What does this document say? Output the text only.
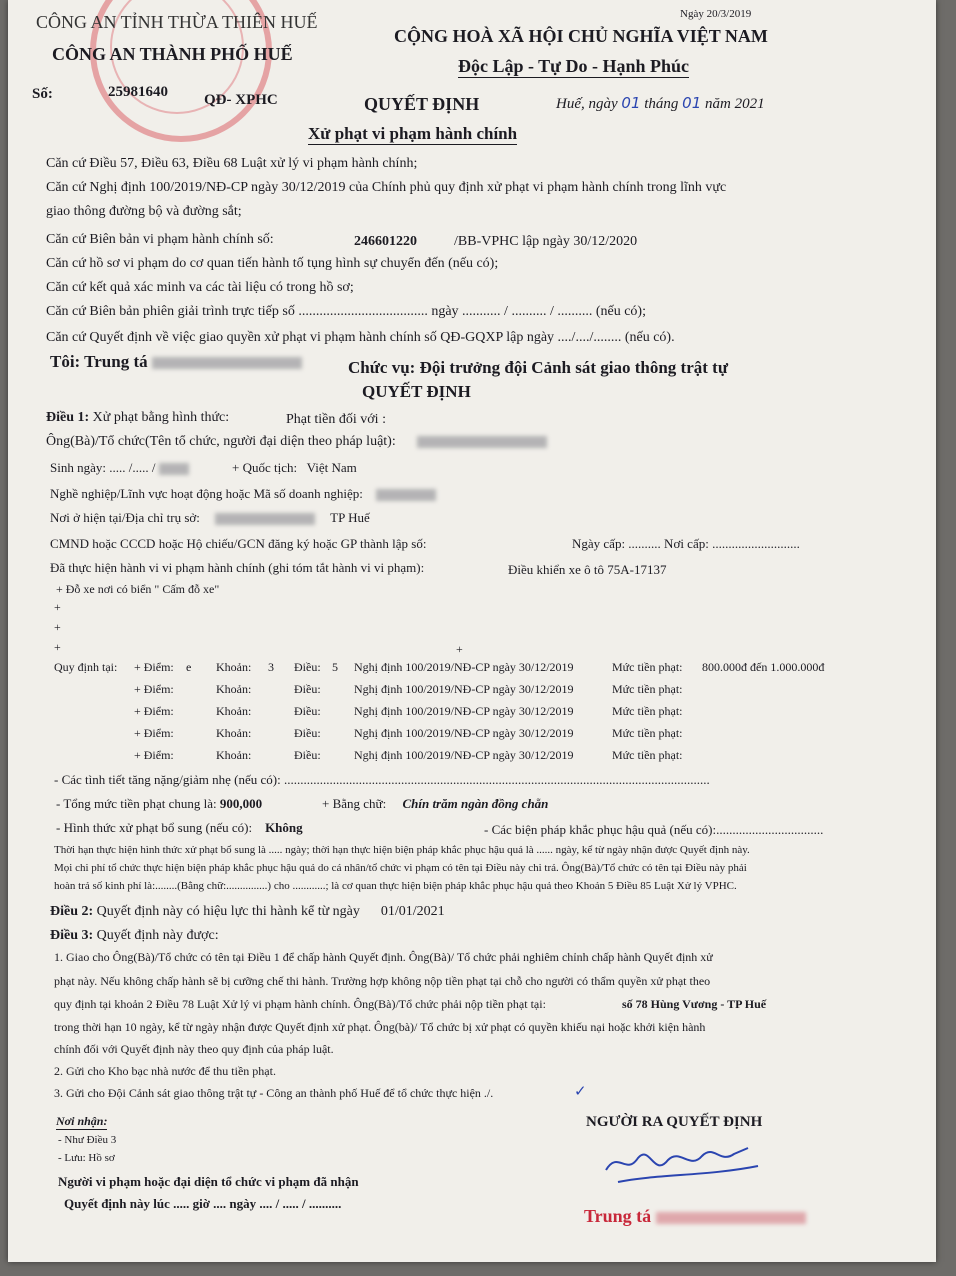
Ngày 20/3/2019
CÔNG AN TỈNH THỪA THIÊN HUẾ
CÔNG AN THÀNH PHỐ HUẾ
CỘNG HOÀ XÃ HỘI CHỦ NGHĨA VIỆT NAM
Độc Lập - Tự Do - Hạnh Phúc
Số:	25981640 QĐ- XPHC	QUYẾT ĐỊNH	Huế, ngày 01 tháng 01 năm 2021
Xử phạt vi phạm hành chính
Căn cứ Điều 57, Điều 63, Điều 68 Luật xử lý vi phạm hành chính;
Căn cứ Nghị định 100/2019/NĐ-CP ngày 30/12/2019 của Chính phủ quy định xử phạt vi phạm hành chính trong lĩnh vực
giao thông đường bộ và đường sắt;
Căn cứ Biên bản vi phạm hành chính số:	246601220	/BB-VPHC lập ngày 30/12/2020
Căn cứ hồ sơ vi phạm do cơ quan tiến hành tố tụng hình sự chuyển đến (nếu có);
Căn cứ kết quả xác minh va các tài liệu có trong hồ sơ;
Căn cứ Biên bản phiên giải trình trực tiếp số ..................................... ngày ........... / .......... / .......... (nếu có);
Căn cứ Quyết định về việc giao quyền xử phạt vi phạm hành chính số QĐ-GQXP lập ngày ..../..../........ (nếu có).
Tôi: Trung tá	Chức vụ: Đội trưởng đội Cảnh sát giao thông trật tự
QUYẾT ĐỊNH
Điều 1: Xử phạt bằng hình thức:	Phạt tiền đối với :
Ông(Bà)/Tổ chức(Tên tổ chức, người đại diện theo pháp luật):
Sinh ngày: ..... /..... /	+ Quốc tịch: Việt Nam
Nghề nghiệp/Lĩnh vực hoạt động hoặc Mã số doanh nghiệp:
Nơi ở hiện tại/Địa chỉ trụ sở:	TP Huế
CMND hoặc CCCD hoặc Hộ chiếu/GCN đăng ký hoặc GP thành lập số:	Ngày cấp: .......... Nơi cấp: ...........................
Đã thực hiện hành vi vi phạm hành chính (ghi tóm tắt hành vi vi phạm):	Điều khiển xe ô tô 75A-17137
+ Đỗ xe nơi có biển " Cấm đỗ xe"
+
+
+	+
Quy định tại: + Điểm: e Khoản: 3 Điều: 5 Nghị định 100/2019/NĐ-CP ngày 30/12/2019	Mức tiền phạt: 800.000đ đến 1.000.000đ
+ Điểm:	Khoản:	Điều:	Nghị định 100/2019/NĐ-CP ngày 30/12/2019	Mức tiền phạt:
+ Điểm:	Khoản:	Điều:	Nghị định 100/2019/NĐ-CP ngày 30/12/2019	Mức tiền phạt:
+ Điểm:	Khoản:	Điều:	Nghị định 100/2019/NĐ-CP ngày 30/12/2019	Mức tiền phạt:
+ Điểm:	Khoản:	Điều:	Nghị định 100/2019/NĐ-CP ngày 30/12/2019	Mức tiền phạt:
- Các tình tiết tăng nặng/giảm nhẹ (nếu có): ...................................................................................................................................
- Tổng mức tiền phạt chung là: 900,000	+ Bằng chữ: Chín trăm ngàn đồng chẵn
- Hình thức xử phạt bổ sung (nếu có): Không	- Các biện pháp khắc phục hậu quả (nếu có):.................................
Thời hạn thực hiện hình thức xử phạt bổ sung là ..... ngày; thời hạn thực hiện biện pháp khắc phục hậu quả là ...... ngày, kể từ ngày nhận được Quyết định này.
Mọi chi phí tổ chức thực hiện biện pháp khắc phục hậu quả do cá nhân/tổ chức vi phạm có tên tại Điều này chi trả. Ông(Bà)/Tổ chức có tên tại Điều này phải
hoàn trả số kinh phí là:........(Bằng chữ:...............) cho ............; là cơ quan thực hiện biện pháp khắc phục hậu quả theo Khoản 5 Điều 85 Luật Xử lý VPHC.
Điều 2: Quyết định này có hiệu lực thi hành kể từ ngày 01/01/2021
Điều 3: Quyết định này được:
1. Giao cho Ông(Bà)/Tổ chức có tên tại Điều 1 để chấp hành Quyết định. Ông(Bà)/ Tổ chức phải nghiêm chỉnh chấp hành Quyết định xử
phạt này. Nếu không chấp hành sẽ bị cưỡng chế thi hành. Trường hợp không nộp tiền phạt tại chỗ cho người có thẩm quyền xử phạt theo
quy định tại khoản 2 Điều 78 Luật Xử lý vi phạm hành chính. Ông(Bà)/Tổ chức phải nộp tiền phạt tại:	số 78 Hùng Vương - TP Huế
trong thời hạn 10 ngày, kể từ ngày nhận được Quyết định xử phạt. Ông(bà)/ Tổ chức bị xử phạt có quyền khiếu nại hoặc khởi kiện hành
chính đối với Quyết định này theo quy định của pháp luật.
2. Gửi cho Kho bạc nhà nước để thu tiền phạt.
3. Gửi cho Đội Cảnh sát giao thông trật tự - Công an thành phố Huế để tổ chức thực hiện ./.	✓
Nơi nhận:
- Như Điều 3
- Lưu: Hồ sơ
Người vi phạm hoặc đại diện tổ chức vi phạm đã nhận
Quyết định này lúc ..... giờ .... ngày .... / ..... / ..........
NGƯỜI RA QUYẾT ĐỊNH
Trung tá
